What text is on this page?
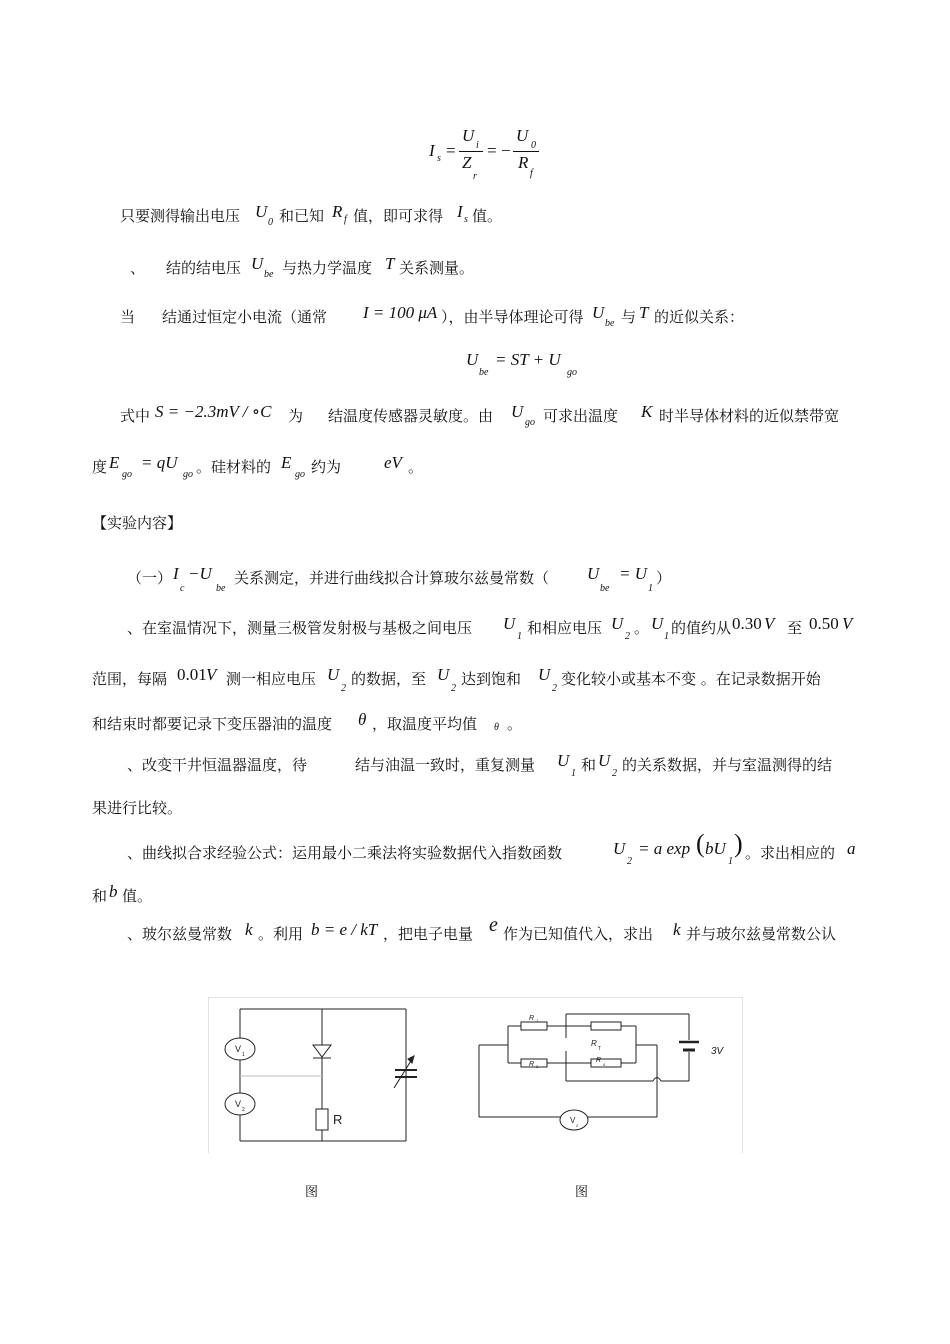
I s =
U
i
Z
r
= −
U
0
R
f
只要测得输出电压 U
0 和已知 R f 值，即可求得 I s 值。
、 结的结电压 U
be 与热力学温度 T 关系测量。
当 结通过恒定小电流（通常 I = 100 μA ），由半导体理论可得 U
be 与 T 的近似关系：
U
be
= ST + U
go
式中 S = −2.3mV / ∘C 为 结温度传感器灵敏度。由 U
go 可求出温度 K 时半导体材料的近似禁带宽
度 E
go
= qU
go 。硅材料的 E
go 约为	eV 。
【实验内容】
（一） I
c
−U
be
关系测定，并进行曲线拟合计算玻尔兹曼常数（ U
be
= U
1
）
、在室温情况下，测量三极管发射极与基极之间电压 U
1 和相应电压 U
2 。 U
1 的值约从 0.30 V 至 0.50 V
范围，每隔 0.01 V 测一相应电压 U
2
的数据，至 U
2
达到饱和 U
2
变化较小或基本不变 。在记录数据开始
和结束时都要记录下变压器油的温度 θ ，取温度平均值 θ 。
、改变干井恒温器温度，待	结与油温一致时，重复测量 U
1 和 U
2 的关系数据，并与室温测得的结
果进行比较。
、曲线拟合求经验公式：运用最小二乘法将实验数据代入指数函数	U
2
= a exp ( bU
1
) 。求出相应的 a
和 b 值。
、玻尔兹曼常数 k 。利用 b = e / kT ，把电子电量 e 作为已知值代入，求出 k 并与玻尔兹曼常数公认
V
1
V
2
R
R 1
R
T
R 3
R
4
3V
V
2
图	图
